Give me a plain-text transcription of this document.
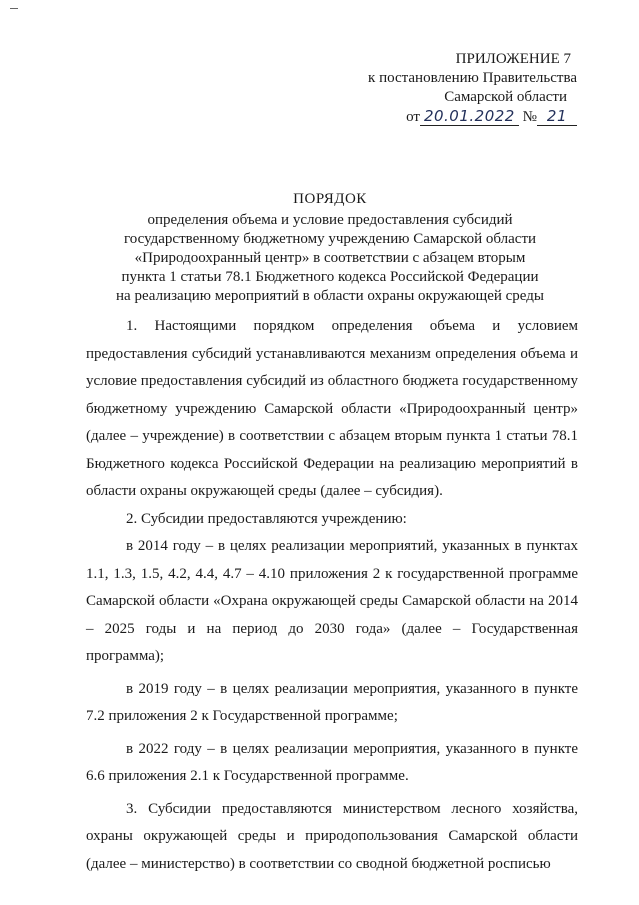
ПРИЛОЖЕНИЕ 7
к постановлению Правительства
Самарской области
от 20.01.2022 № 21
ПОРЯДОК
определения объема и условие предоставления субсидий
государственному бюджетному учреждению Самарской области
«Природоохранный центр» в соответствии с абзацем вторым
пункта 1 статьи 78.1 Бюджетного кодекса Российской Федерации
на реализацию мероприятий в области охраны окружающей среды

1. Настоящими порядком определения объема и условием предоставления субсидий устанавливаются механизм определения объема и условие предоставления субсидий из областного бюджета государственному бюджетному учреждению Самарской области «Природоохранный центр» (далее – учреждение) в соответствии с абзацем вторым пункта 1 статьи 78.1 Бюджетного кодекса Российской Федерации на реализацию мероприятий в области охраны окружающей среды (далее – субсидия).

2. Субсидии предоставляются учреждению:

в 2014 году – в целях реализации мероприятий, указанных в пунктах 1.1, 1.3, 1.5, 4.2, 4.4, 4.7 – 4.10 приложения 2 к государственной программе Самарской области «Охрана окружающей среды Самарской области на 2014 – 2025 годы и на период до 2030 года» (далее – Государственная программа);

в 2019 году – в целях реализации мероприятия, указанного в пункте 7.2 приложения 2 к Государственной программе;

в 2022 году – в целях реализации мероприятия, указанного в пункте 6.6 приложения 2.1 к Государственной программе.

3. Субсидии предоставляются министерством лесного хозяйства, охраны окружающей среды и природопользования Самарской области (далее – министерство) в соответствии со сводной бюджетной росписью
